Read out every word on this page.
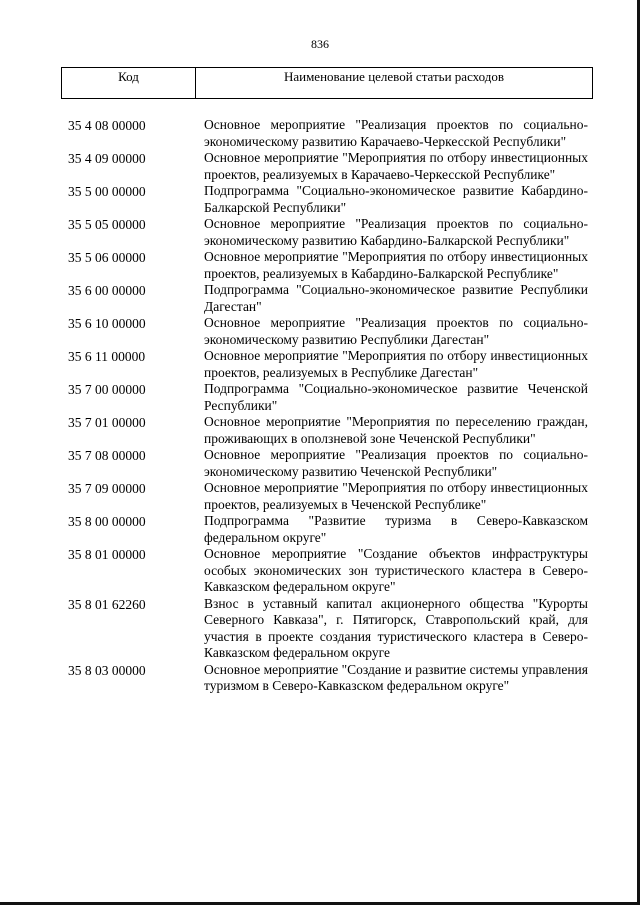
836
Код	Наименование целевой статьи расходов
35 4 08 00000	Основное мероприятие "Реализация проектов по социально-экономическому развитию Карачаево-Черкесской Республики"
35 4 09 00000	Основное мероприятие "Мероприятия по отбору инвестиционных проектов, реализуемых в Карачаево-Черкесской Республике"
35 5 00 00000	Подпрограмма "Социально-экономическое развитие Кабардино-Балкарской Республики"
35 5 05 00000	Основное мероприятие "Реализация проектов по социально-экономическому развитию Кабардино-Балкарской Республики"
35 5 06 00000	Основное мероприятие "Мероприятия по отбору инвестиционных проектов, реализуемых в Кабардино-Балкарской Республике"
35 6 00 00000	Подпрограмма "Социально-экономическое развитие Республики Дагестан"
35 6 10 00000	Основное мероприятие "Реализация проектов по социально-экономическому развитию Республики Дагестан"
35 6 11 00000	Основное мероприятие "Мероприятия по отбору инвестиционных проектов, реализуемых в Республике Дагестан"
35 7 00 00000	Подпрограмма "Социально-экономическое развитие Чеченской Республики"
35 7 01 00000	Основное мероприятие "Мероприятия по переселению граждан, проживающих в оползневой зоне Чеченской Республики"
35 7 08 00000	Основное мероприятие "Реализация проектов по социально-экономическому развитию Чеченской Республики"
35 7 09 00000	Основное мероприятие "Мероприятия по отбору инвестиционных проектов, реализуемых в Чеченской Республике"
35 8 00 00000	Подпрограмма "Развитие туризма в Северо-Кавказском федеральном округе"
35 8 01 00000	Основное мероприятие "Создание объектов инфраструктуры особых экономических зон туристического кластера в Северо-Кавказском федеральном округе"
35 8 01 62260	Взнос в уставный капитал акционерного общества "Курорты Северного Кавказа", г. Пятигорск, Ставропольский край, для участия в проекте создания туристического кластера в Северо-Кавказском федеральном округе
35 8 03 00000	Основное мероприятие "Создание и развитие системы управления туризмом в Северо-Кавказском федеральном округе"
